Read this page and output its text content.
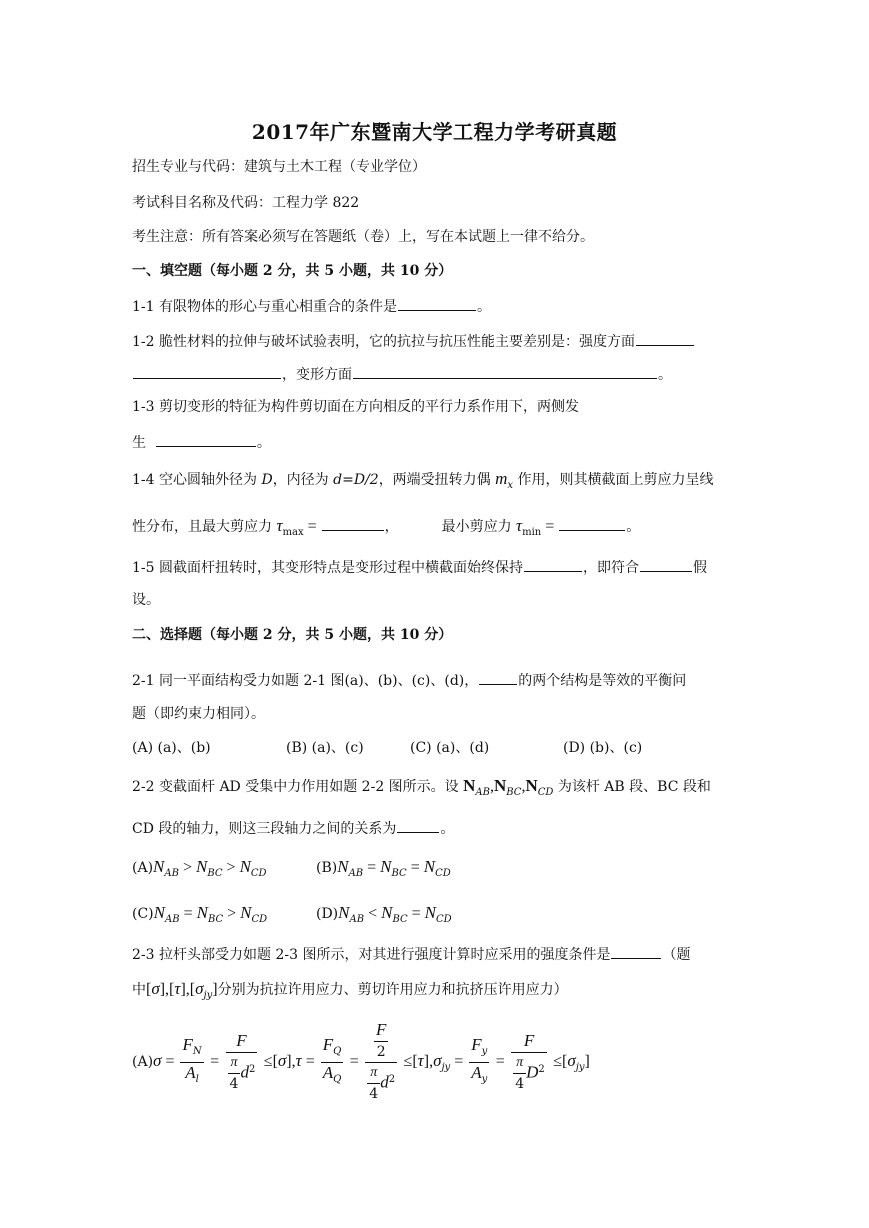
2017年广东暨南大学工程力学考研真题
招生专业与代码：建筑与土木工程（专业学位）
考试科目名称及代码：工程力学 822
考生注意：所有答案必须写在答题纸（卷）上，写在本试题上一律不给分。
一、填空题（每小题 2 分，共 5 小题，共 10 分）
1-1 有限物体的形心与重心相重合的条件是	。
1-2 脆性材料的拉伸与破坏试验表明，它的抗拉与抗压性能主要差别是：强度方面
，变形方面	。
1-3 剪切变形的特征为构件剪切面在方向相反的平行力系作用下，两侧发
生	。
1-4 空心圆轴外径为 D，内径为 d=D/2，两端受扭转力偶 $m_x$ 作用，则其横截面上剪应力呈线
性分布，且最大剪应力 $\tau_{max}$ =	，	最小剪应力 $\tau_{min}$ =	。
1-5 圆截面杆扭转时，其变形特点是变形过程中横截面始终保持	，即符合	假
设。
二、选择题（每小题 2 分，共 5 小题，共 10 分）
2-1 同一平面结构受力如题 2-1 图(a)、(b)、(c)、(d)，	的两个结构是等效的平衡问
题（即约束力相同）。
(A) (a)、(b)	(B) (a)、(c)	(C) (a)、(d)	(D) (b)、(c)
2-2 变截面杆 AD 受集中力作用如题 2-2 图所示。设 $N_{AB},N_{BC},N_{CD}$ 为该杆 AB 段、BC 段和
CD 段的轴力，则这三段轴力之间的关系为	。
$(A)N_{AB} > N_{BC} > N_{CD}$	$(B)N_{AB} = N_{BC} = N_{CD}$
$(C)N_{AB} = N_{BC} > N_{CD}$	$(D)N_{AB} < N_{BC} = N_{CD}$
2-3 拉杆头部受力如题 2-3 图所示，对其进行强度计算时应采用的强度条件是	（题
中$[\sigma],[\tau],[\sigma_{jy}]$分别为抗拉许用应力、剪切许用应力和抗挤压许用应力）
$(A)\sigma = \frac{F_N}{A_l} = \frac{F}{\frac{\pi}{4} d^2} \le[\sigma],\tau = \frac{F_Q}{A_Q} = \frac{\frac{F}{2}}{\frac{\pi}{4} d^2} \le[\tau],\sigma_{jy} = \frac{F_y}{A_y} = \frac{F}{\frac{\pi}{4} D^2} \le[\sigma_{jy}]$
